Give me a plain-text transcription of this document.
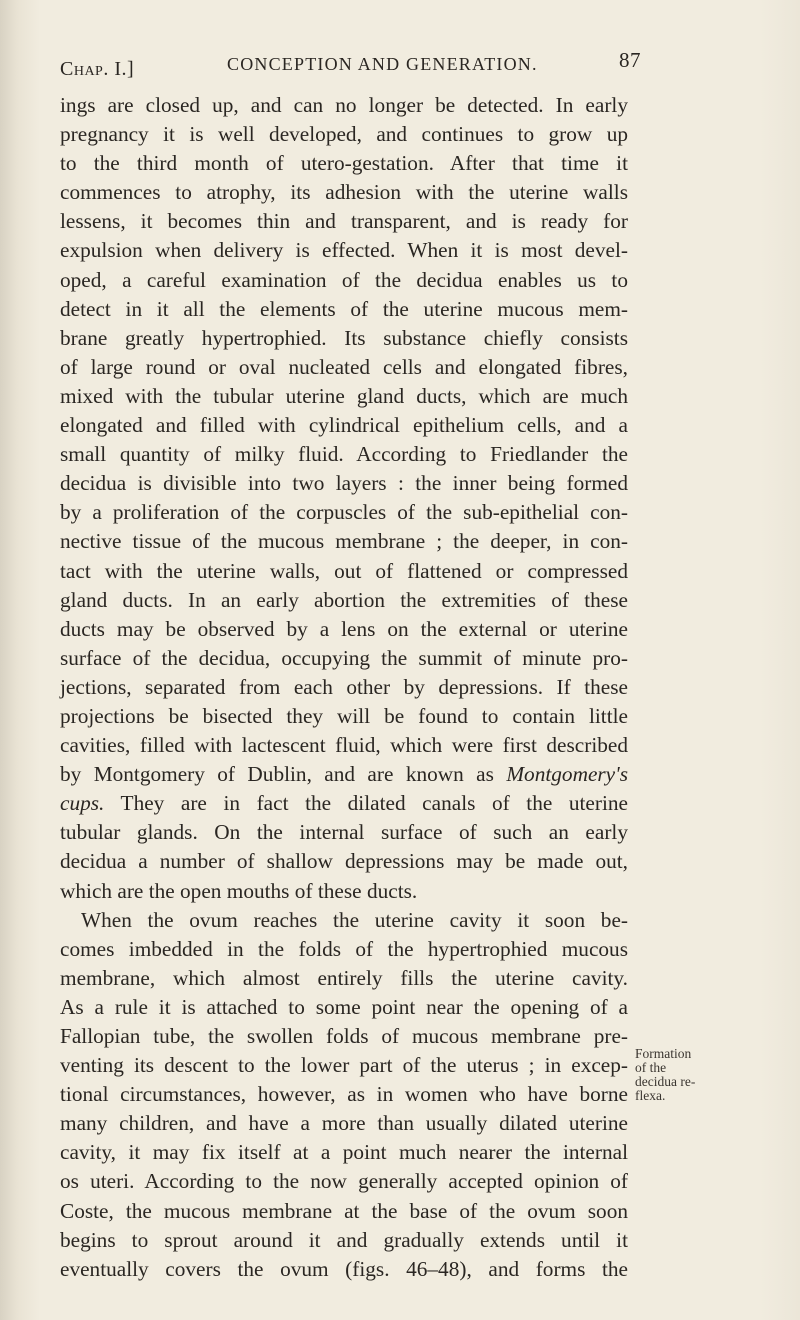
Chap. I.]	CONCEPTION AND GENERATION.	87
ings are closed up, and can no longer be detected. In early
pregnancy it is well developed, and continues to grow up
to the third month of utero-gestation. After that time it
commences to atrophy, its adhesion with the uterine walls
lessens, it becomes thin and transparent, and is ready for
expulsion when delivery is effected. When it is most devel-
oped, a careful examination of the decidua enables us to
detect in it all the elements of the uterine mucous mem-
brane greatly hypertrophied. Its substance chiefly consists
of large round or oval nucleated cells and elongated fibres,
mixed with the tubular uterine gland ducts, which are much
elongated and filled with cylindrical epithelium cells, and a
small quantity of milky fluid. According to Friedlander the
decidua is divisible into two layers : the inner being formed
by a proliferation of the corpuscles of the sub-epithelial con-
nective tissue of the mucous membrane ; the deeper, in con-
tact with the uterine walls, out of flattened or compressed
gland ducts. In an early abortion the extremities of these
ducts may be observed by a lens on the external or uterine
surface of the decidua, occupying the summit of minute pro-
jections, separated from each other by depressions. If these
projections be bisected they will be found to contain little
cavities, filled with lactescent fluid, which were first described
by Montgomery of Dublin, and are known as Montgomery's
cups. They are in fact the dilated canals of the uterine
tubular glands. On the internal surface of such an early
decidua a number of shallow depressions may be made out,
which are the open mouths of these ducts.
When the ovum reaches the uterine cavity it soon be-
comes imbedded in the folds of the hypertrophied mucous
membrane, which almost entirely fills the uterine cavity.
As a rule it is attached to some point near the opening of a
Fallopian tube, the swollen folds of mucous membrane pre-
venting its descent to the lower part of the uterus ; in excep-
tional circumstances, however, as in women who have borne
many children, and have a more than usually dilated uterine
cavity, it may fix itself at a point much nearer the internal
os uteri. According to the now generally accepted opinion of
Coste, the mucous membrane at the base of the ovum soon
begins to sprout around it and gradually extends until it
eventually covers the ovum (figs. 46–48), and forms the
Formation
of the
decidua re-
flexa.
